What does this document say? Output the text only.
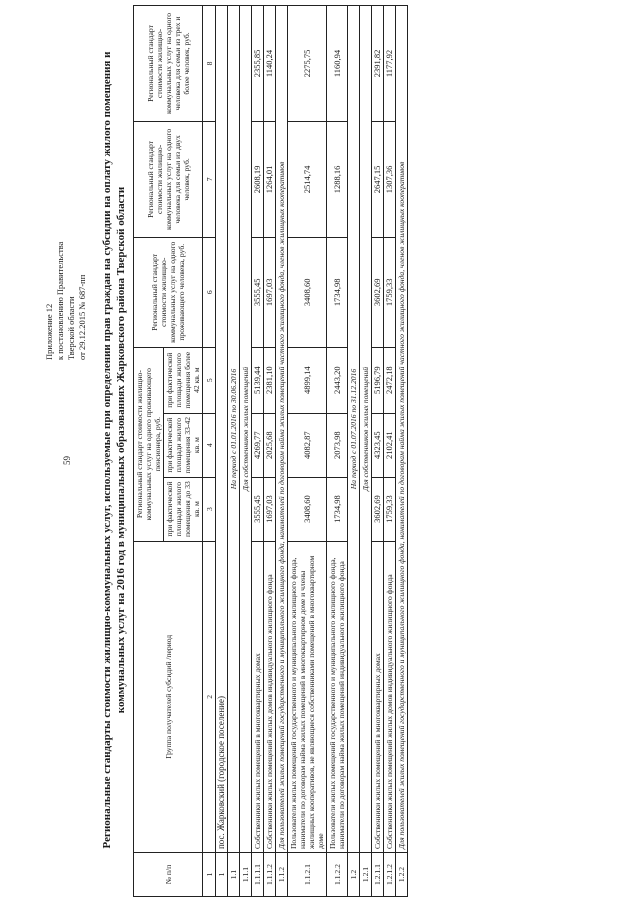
59
Приложение 12 к постановлению Правительства Тверской области от 29.12.2015 № 687-пп Региональные стандарты стоимости жилищно-коммунальных услуг, используемые при определении прав граждан на субсидии на оплату жилого помещения и коммунальных услуг на 2016 год в муниципальных образованиях Жарковского района Тверской области
№ п/п	Группа получателей субсидий /период	Региональный стандарт стоимости жилищно-коммунальных услуг на одного проживающего пенсионера, руб.			Региональный стандарт стоимости жилищно-коммунальных услуг на одного проживающего человека, руб.	Региональный стандарт стоимости жилищно-коммунальных услуг на одного человека для семьи из двух человек, руб.	Региональный стандарт стоимости жилищно-коммунальных услуг на одного человека для семьи из трех и более человек, руб.
		при фактической площади жилого помещения до 33 кв. м	при фактической площади жилого помещения 33-42 кв. м	при фактической площади жилого помещения более 42 кв. м			
1	2	3	4	5	6	7	8
1	пос. Жарковский (городское поселение)						
1.1	На период с 01.01.2016 по 30.06.2016						
1.1.1	Для собственников жилых помещений						
1.1.1.1	Собственники жилых помещений в многоквартирных домах	3555,45	4269,77	5139,44	3555,45	2608,19	2355,85
1.1.1.2	Собственники жилых помещений жилых домов индивидуального жилищного фонда	1697,03	2025,68	2381,10	1697,03	1264,01	1140,24
1.1.2	Для пользователей жилых помещений государственного и муниципального жилищного фонда, нанимателей по договорам найма жилых помещений частного жилищного фонда, членов жилищных кооперативов						
1.1.2.1	Пользователи жилых помещений государственного и муниципального жилищного фонда, наниматели по договорам найма жилых помещений в многоквартирном доме и члены жилищных кооперативов, не являющиеся собственниками помещений в многоквартирном доме	3408,60	4082,87	4899,14	3408,60	2514,74	2275,75
1.1.2.2	Пользователи жилых помещений государственного и муниципального жилищного фонда, наниматели по договорам найма жилых помещений индивидуального жилищного фонда	1734,98	2073,98	2443,20	1734,98	1288,16	1160,94
1.2	На период с 01.07.2016 по 31.12.2016						
1.2.1	Для собственников жилых помещений						
1.2.1.1	Собственники жилых помещений в многоквартирных домах	3602,69	4323,45	5196,79	3602,69	2647,15	2391,82
1.2.1.2	Собственники жилых помещений жилых домов индивидуального жилищного фонда	1759,33	2102,41	2472,18	1759,33	1307,36	1177,92
1.2.2	Для пользователей жилых помещений государственного и муниципального жилищного фонда, нанимателей по договорам найма жилых помещений частного жилищного фонда, членов жилищных кооперативов						
